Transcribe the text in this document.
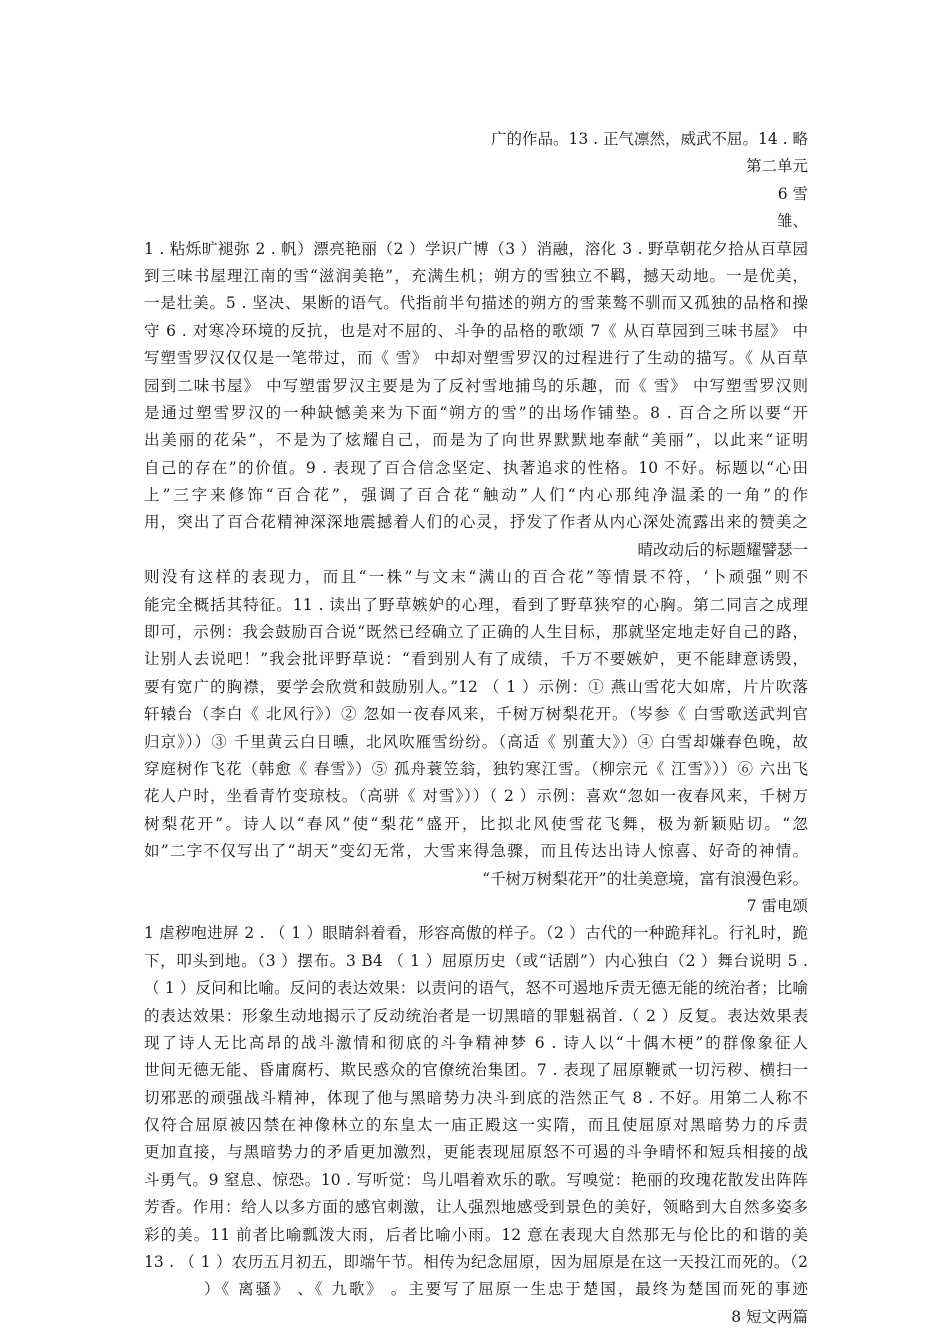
广的作品。13 . 正气凛然，威武不屈。14 . 略
第二单元
6 雪
雏、
1 . 粘烁旷褪弥 2 . 帆）漂亮艳丽（2 ）学识广博（3 ）消融，溶化 3 . 野草朝花夕拾从百草园
到三味书屋理江南的雪“滋润美艳”，充满生机；朔方的雪独立不羁，撼天动地。一是优美，
一是壮美。5 . 坚决、果断的语气。代指前半句描述的朔方的雪莱骜不驯而又孤独的品格和操
守 6 . 对寒冷环境的反抗，也是对不屈的、斗争的品格的歌颂 7《 从百草园到三味书屋》 中
写塑雪罗汉仅仅是一笔带过，而《 雪》 中却对塑雪罗汉的过程进行了生动的描写。《 从百草
园到二味书屋》 中写塑雷罗汉主要是为了反衬雪地捕鸟的乐趣，而《 雪》 中写塑雪罗汉则
是通过塑雪罗汉的一种缺憾美来为下面“朔方的雪”的出场作铺垫。8 . 百合之所以要“开
出美丽的花朵”，不是为了炫耀自己，而是为了向世界默默地奉献“美丽”，以此来“证明
自己的存在”的价值。9 . 表现了百合信念坚定、执著追求的性格。10 不好。标题以“心田
上”三字来修饰“百合花”，强调了百合花“触动”人们“内心那纯净温柔的一角”的作
用，突出了百合花精神深深地震撼着人们的心灵，抒发了作者从内心深处流露出来的赞美之
晴改动后的标题耀譬瑟一
则没有这样的表现力，而且“一株”与文末“满山的百合花”等情景不符，‘卜顽强”则不
能完全概括其特征。11 . 读出了野草嫉妒的心理，看到了野草狭窄的心胸。第二同言之成理
即可，示例：我会鼓励百合说“既然已经确立了正确的人生目标，那就坚定地走好自己的路，
让别人去说吧！”我会批评野草说：“看到别人有了成绩，千万不要嫉妒，更不能肆意诱毁，
要有宽广的胸襟，要学会欣赏和鼓励别人。”12 （ 1 ）示例：① 燕山雪花大如席，片片吹落
轩辕台（李白《 北风行》）② 忽如一夜春风来，千树万树梨花开。（岑参《 白雪歌送武判官
归京》））③ 千里黄云白日曛，北风吹雁雪纷纷。（高适《 别董大》）④ 白雪却嫌春色晚，故
穿庭树作飞花（韩愈《 春雪》）⑤ 孤舟蓑笠翁，独钓寒江雪。（柳宗元《 江雪》））⑥ 六出飞
花人户时，坐看青竹变琼枝。（高骈《 对雪》））（ 2 ）示例：喜欢“忽如一夜春风来，千树万
树梨花开”。诗人以“春风”使“梨花”盛开，比拟北风使雪花飞舞，极为新颖贴切。“忽
如”二字不仅写出了“胡天”变幻无常，大雪来得急骤，而且传达出诗人惊喜、好奇的神情。
“千树万树梨花开”的壮美意境，富有浪漫色彩。
7 雷电颂
1 虐秽咆进屏 2 . （ 1 ）眼睛斜着看，形容高傲的样子。（2 ）古代的一种跪拜礼。行礼时，跪
下，叩头到地。（3 ）摆布。3 B4 （ 1 ）屈原历史（或“话剧”）内心独白（2 ）舞台说明 5 .
（ 1 ）反问和比喻。反问的表达效果：以责问的语气，怒不可遏地斥责无德无能的统治者；比喻
的表达效果：形象生动地揭示了反动统治者是一切黑暗的罪魁祸首.（ 2 ）反复。表达效果表
现了诗人无比高昂的战斗激情和彻底的斗争精神梦 6 . 诗人以“十偶木梗”的群像象征人
世间无德无能、昏庸腐朽、欺民惑众的官僚统治集团。7 . 表现了屈原鞭贰一切污秽、横扫一
切邪恶的顽强战斗精神，体现了他与黑暗势力决斗到底的浩然正气 8 . 不好。用第二人称不
仅符合屈原被囚禁在神像林立的东皇太一庙正殿这一实隋，而且使屈原对黑暗势力的斥责
更加直接，与黑暗势力的矛盾更加激烈，更能表现屈原怒不可遏的斗争晴怀和短兵相接的战
斗勇气。9 窒息、惊恐。10 . 写听觉：鸟儿唱着欢乐的歌。写嗅觉：艳丽的玫瑰花散发出阵阵
芳香。作用：给人以多方面的感官刺激，让人强烈地感受到景色的美好，领略到大自然多姿多
彩的美。11 前者比喻瓢泼大雨，后者比喻小雨。12 意在表现大自然那无与伦比的和谐的美
13 . （ 1 ）农历五月初五，即端午节。相传为纪念屈原，因为屈原是在这一天投江而死的。（2
）《 离骚》 、《 九歌》 。主要写了屈原一生忠于楚国，最终为楚国而死的事迹
8 短文两篇
